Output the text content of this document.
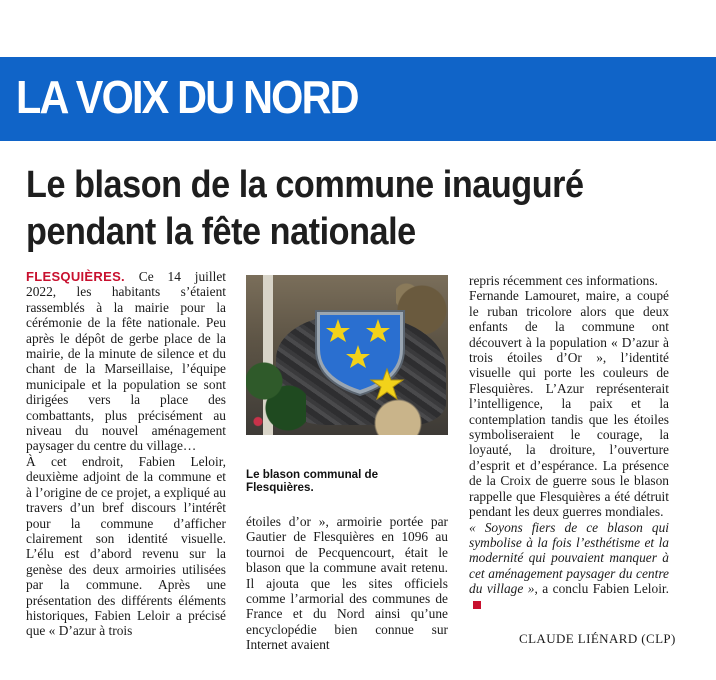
LA VOIX DU NORD
Le blason de la commune inauguré pendant la fête nationale

FLESQUIÈRES. Ce 14 juillet 2022, les habitants s’étaient rassemblés à la mairie pour la cérémonie de la fête nationale. Peu après le dépôt de gerbe place de la mairie, de la minute de silence et du chant de la Marseillaise, l’équipe municipale et la population se sont dirigées vers la place des combattants, plus précisément au niveau du nouvel aménagement paysager du centre du village…

À cet endroit, Fabien Leloir, deuxième adjoint de la commune et à l’origine de ce projet, a expliqué au travers d’un bref discours l’intérêt pour la commune d’afficher clairement son identité visuelle. L’élu est d’abord revenu sur la genèse des deux armoiries utilisées par la commune. Après une présentation des différents éléments historiques, Fabien Leloir a précisé que « D’azur à trois

Le blason communal de Flesquières.

étoiles d’or », armoirie portée par Gautier de Flesquières en 1096 au tournoi de Pecquencourt, était le blason que la commune avait retenu. Il ajouta que les sites officiels comme l’armorial des communes de France et du Nord ainsi qu’une encyclopédie bien connue sur Internet avaient

repris récemment ces informations.

Fernande Lamouret, maire, a coupé le ruban tricolore alors que deux enfants de la commune ont découvert à la population « D’azur à trois étoiles d’Or », l’identité visuelle qui porte les couleurs de Flesquières. L’Azur représenterait l’intelligence, la paix et la contemplation tandis que les étoiles symboliseraient le courage, la loyauté, la droiture, l’ouverture d’esprit et d’espérance. La présence de la Croix de guerre sous le blason rappelle que Flesquières a été détruit pendant les deux guerres mondiales.

« Soyons fiers de ce blason qui symbolise à la fois l’esthétisme et la modernité qui pouvaient manquer à cet aménagement paysager du centre du village », a conclu Fabien Leloir.

CLAUDE LIÉNARD (CLP)
